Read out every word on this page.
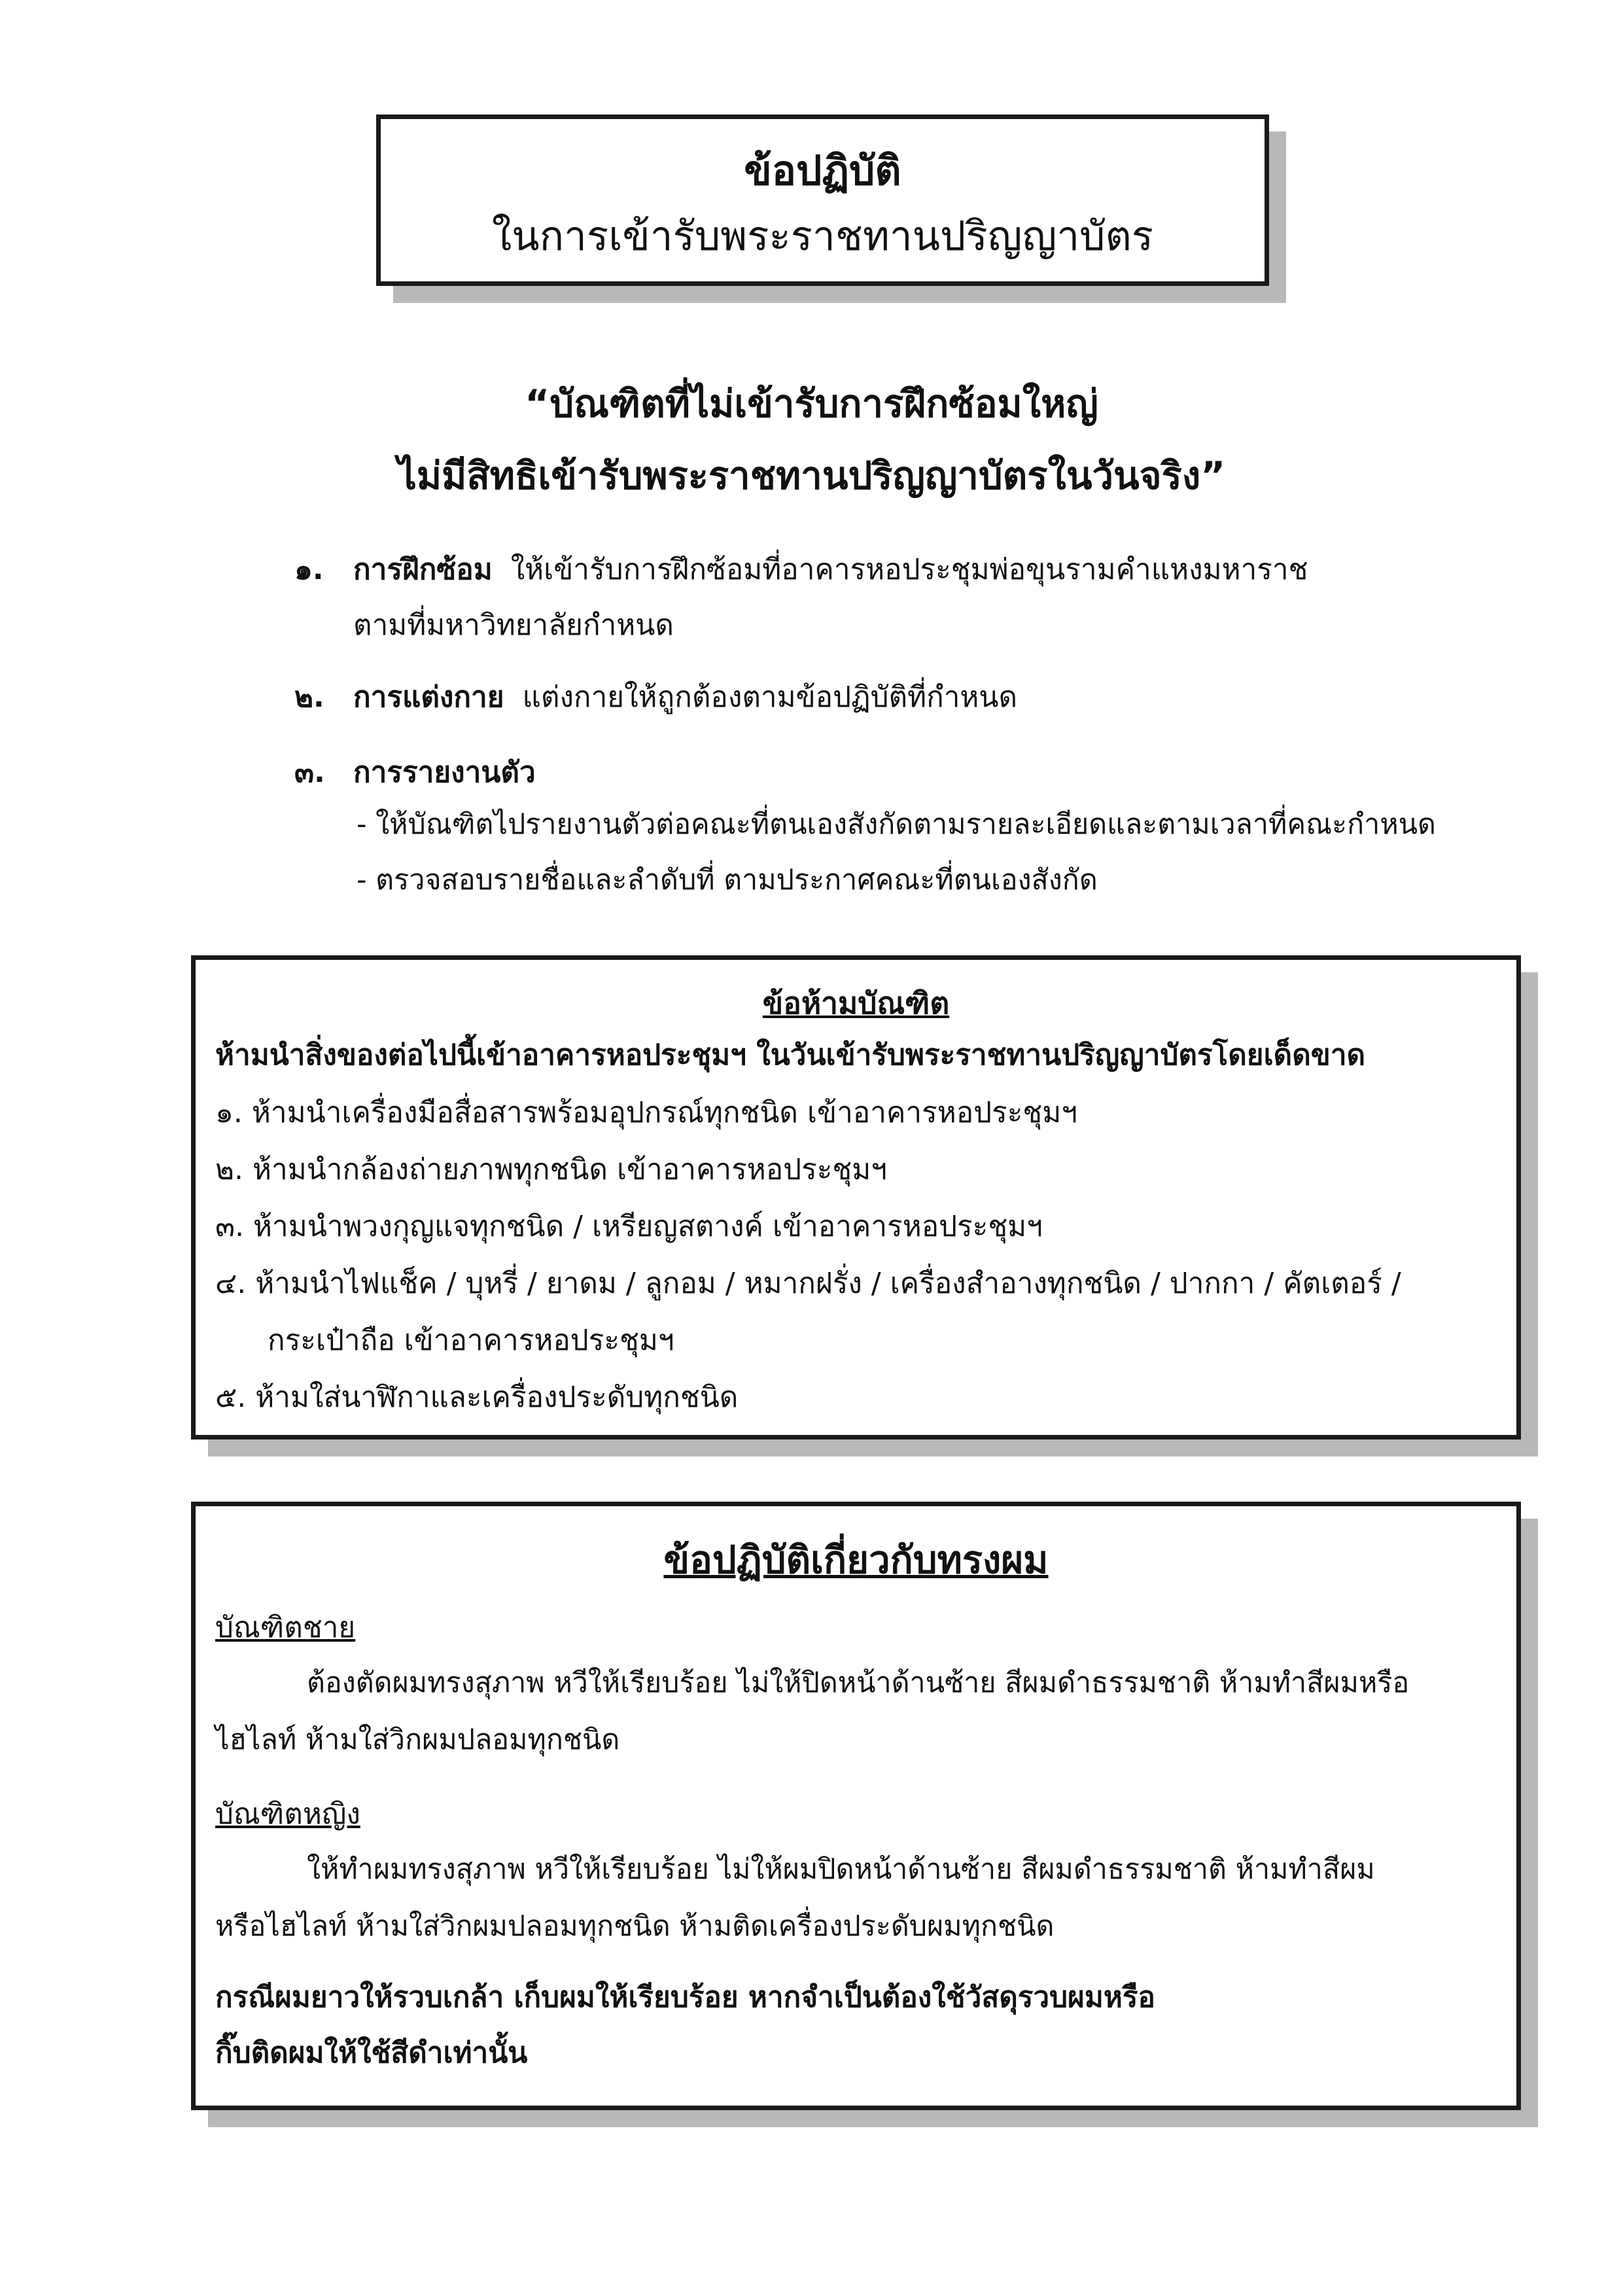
ข้อปฏิบัติ
ในการเข้ารับพระราชทานปริญญาบัตร
“บัณฑิตที่ไม่เข้ารับการฝึกซ้อมใหญ่
ไม่มีสิทธิเข้ารับพระราชทานปริญญาบัตรในวันจริง”
๑. การฝึกซ้อม ให้เข้ารับการฝึกซ้อมที่อาคารหอประชุมพ่อขุนรามคำแหงมหาราช
ตามที่มหาวิทยาลัยกำหนด
๒. การแต่งกาย แต่งกายให้ถูกต้องตามข้อปฏิบัติที่กำหนด
๓. การรายงานตัว
- ให้บัณฑิตไปรายงานตัวต่อคณะที่ตนเองสังกัดตามรายละเอียดและตามเวลาที่คณะกำหนด
- ตรวจสอบรายชื่อและลำดับที่ ตามประกาศคณะที่ตนเองสังกัด
ข้อห้ามบัณฑิต
ห้ามนำสิ่งของต่อไปนี้เข้าอาคารหอประชุมฯ ในวันเข้ารับพระราชทานปริญญาบัตรโดยเด็ดขาด
๑. ห้ามนำเครื่องมือสื่อสารพร้อมอุปกรณ์ทุกชนิด เข้าอาคารหอประชุมฯ
๒. ห้ามนำกล้องถ่ายภาพทุกชนิด เข้าอาคารหอประชุมฯ
๓. ห้ามนำพวงกุญแจทุกชนิด / เหรียญสตางค์ เข้าอาคารหอประชุมฯ
๔. ห้ามนำไฟแช็ค / บุหรี่ / ยาดม / ลูกอม / หมากฝรั่ง / เครื่องสำอางทุกชนิด / ปากกา / คัตเตอร์ /
กระเป๋าถือ เข้าอาคารหอประชุมฯ
๕. ห้ามใส่นาฬิกาและเครื่องประดับทุกชนิด
ข้อปฏิบัติเกี่ยวกับทรงผม
บัณฑิตชาย
ต้องตัดผมทรงสุภาพ หวีให้เรียบร้อย ไม่ให้ปิดหน้าด้านซ้าย สีผมดำธรรมชาติ ห้ามทำสีผมหรือ
ไฮไลท์ ห้ามใส่วิกผมปลอมทุกชนิด
บัณฑิตหญิง
ให้ทำผมทรงสุภาพ หวีให้เรียบร้อย ไม่ให้ผมปิดหน้าด้านซ้าย สีผมดำธรรมชาติ ห้ามทำสีผม
หรือไฮไลท์ ห้ามใส่วิกผมปลอมทุกชนิด ห้ามติดเครื่องประดับผมทุกชนิด
กรณีผมยาวให้รวบเกล้า เก็บผมให้เรียบร้อย หากจำเป็นต้องใช้วัสดุรวบผมหรือ
กิ๊บติดผมให้ใช้สีดำเท่านั้น
